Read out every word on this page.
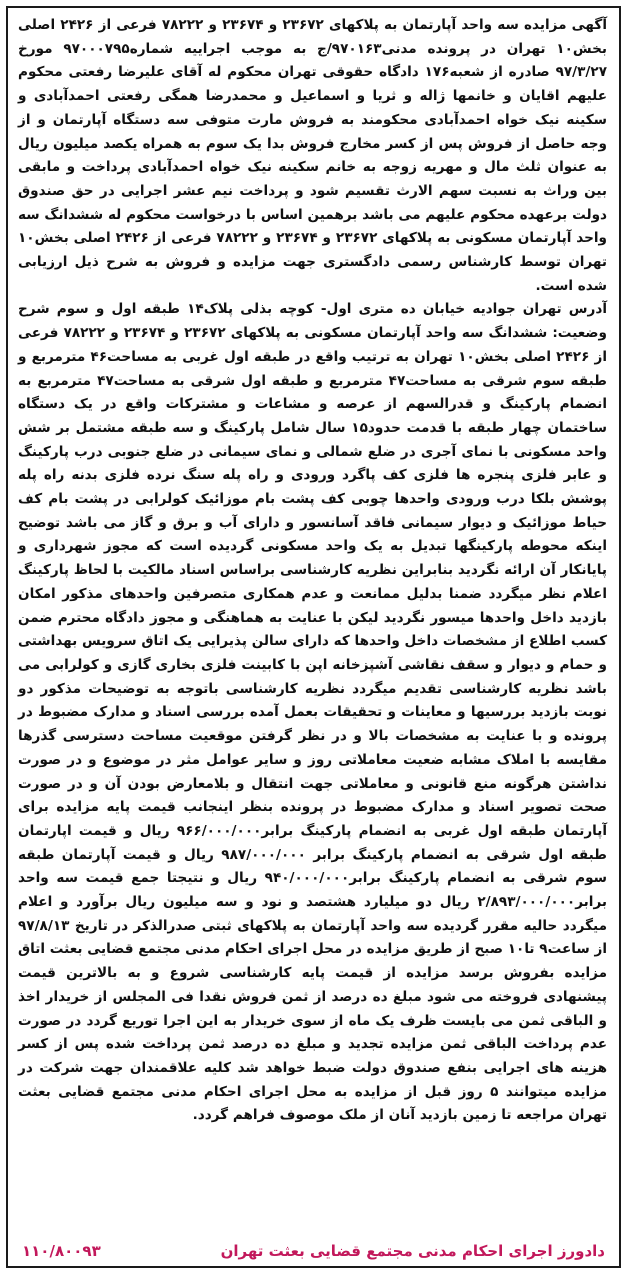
آگهی مزایده سه واحد آپارتمان به پلاکهای ۲۳۶۷۲ و ۲۳۶۷۴ و ۷۸۲۲۲ فرعی از ۲۴۲۶ اصلی بخش۱۰ تهران در پرونده مدنی۹۷۰۱۶۳/ج به موجب اجراییه شماره۹۷۰۰۰۷۹۵ مورخ ۹۷/۳/۲۷ صادره از شعبه۱۷۶ دادگاه حقوقی تهران محکوم له آقای علیرضا رفعتی محکوم علیهم اقایان و خانمها ژاله و ثریا و اسماعیل و محمدرضا همگی رفعتی احمدآبادی و سکینه نیک خواه احمدآبادی محکومند به فروش مارت متوفی سه دستگاه آپارتمان و از وجه حاصل از فروش پس از کسر مخارج فروش بدا یک سوم به همراه یکصد میلیون ریال به عنوان ثلث مال و مهریه زوجه به خانم سکینه نیک خواه احمدآبادی پرداخت و مابقی بین وراث به نسبت سهم الارث تقسیم شود و پرداخت نیم عشر اجرایی در حق صندوق دولت برعهده محکوم علیهم می باشد برهمین اساس با درخواست محکوم له ششدانگ سه واحد آپارتمان مسکونی به پلاکهای ۲۳۶۷۲ و ۲۳۶۷۴ و ۷۸۲۲۲ فرعی از ۲۴۲۶ اصلی بخش۱۰ تهران توسط کارشناس رسمی دادگستری جهت مزایده و فروش به شرح ذیل ارزیابی شده است.

آدرس تهران جوادیه خیابان ده متری اول- کوچه بذلی پلاک۱۴ طبقه اول و سوم شرح وضعیت: ششدانگ سه واحد آپارتمان مسکونی به پلاکهای ۲۳۶۷۲ و ۲۳۶۷۴ و ۷۸۲۲۲ فرعی از ۲۴۲۶ اصلی بخش۱۰ تهران به ترتیب واقع در طبقه اول غربی به مساحت۴۶ مترمربع و طبقه سوم شرقی به مساحت۴۷ مترمربع و طبقه اول شرقی به مساحت۴۷ مترمربع به انضمام پارکینگ و قدرالسهم از عرصه و مشاعات و مشترکات واقع در یک دستگاه ساختمان چهار طبقه با قدمت حدود۱۵ سال شامل پارکینگ و سه طبقه مشتمل بر شش واحد مسکونی با نمای آجری در ضلع شمالی و نمای سیمانی در ضلع جنوبی درب پارکینگ و عابر فلزی پنجره ها فلزی کف پاگرد ورودی و راه پله سنگ نرده فلزی بدنه راه پله پوشش بلکا درب ورودی واحدها چوبی کف پشت بام موزائیک کولرابی در پشت بام کف حیاط موزائیک و دیوار سیمانی فاقد آسانسور و دارای آب و برق و گاز می باشد توضیح اینکه محوطه پارکینگها تبدیل به یک واحد مسکونی گردیده است که مجوز شهرداری و پایانکار آن ارائه نگردید بنابراین نظریه کارشناسی براساس اسناد مالکیت با لحاظ پارکینگ اعلام نظر میگردد ضمنا بدلیل ممانعت و عدم همکاری متصرفین واحدهای مذکور امکان بازدید داخل واحدها میسور نگردید لیکن با عنایت به هماهنگی و مجوز دادگاه محترم ضمن کسب اطلاع از مشخصات داخل واحدها که دارای سالن پذیرایی یک اتاق سرویس بهداشتی و حمام و دیوار و سقف نقاشی آشپزخانه اپن با کابینت فلزی بخاری گازی و کولرابی می باشد نظریه کارشناسی تقدیم میگردد نظریه کارشناسی باتوجه به توضیحات مذکور دو نوبت بازدید بررسیها و معاینات و تحقیقات بعمل آمده بررسی اسناد و مدارک مضبوط در پرونده و با عنایت به مشخصات بالا و در نظر گرفتن موقعیت مساحت دسترسی گذرها مقایسه با املاک مشابه ضعیت معاملاتی روز و سایر عوامل مثر در موضوع و در صورت نداشتن هرگونه منع قانونی و معاملاتی جهت انتقال و بلامعارض بودن آن و در صورت صحت تصویر اسناد و مدارک مضبوط در پرونده بنظر اینجانب قیمت پایه مزایده برای آپارتمان طبقه اول غربی به انضمام پارکینگ برابر۹۶۶/۰۰۰/۰۰۰ ریال و قیمت اپارتمان طبقه اول شرقی به انضمام پارکینگ برابر ۹۸۷/۰۰۰/۰۰۰ ریال و قیمت آپارتمان طبقه سوم شرقی به انضمام پارکینگ برابر۹۴۰/۰۰۰/۰۰۰ ریال و نتیجتا جمع قیمت سه واحد برابر۲/۸۹۳/۰۰۰/۰۰۰ ریال دو میلیارد هشتصد و نود و سه میلیون ریال برآورد و اعلام میگردد حالیه مقرر گردیده سه واحد آپارتمان به پلاکهای ثبتی صدرالذکر در تاریخ ۹۷/۸/۱۳ از ساعت۹ تا۱۰ صبح از طریق مزایده در محل اجرای احکام مدنی مجتمع قضایی بعثت اتاق مزایده بفروش برسد مزایده از قیمت پایه کارشناسی شروع و به بالاترین قیمت پیشنهادی فروخته می شود مبلغ ده درصد از ثمن فروش نقدا فی المجلس از خریدار اخذ و الباقی ثمن می بایست ظرف یک ماه از سوی خریدار به این اجرا توریع گردد در صورت عدم پرداخت الباقی ثمن مزایده تجدید و مبلغ ده درصد ثمن پرداخت شده پس از کسر هزینه های اجرایی بنفع صندوق دولت ضبط خواهد شد کلیه علاقمندان جهت شرکت در مزایده میتوانند ۵ روز قبل از مزایده به محل اجرای احکام مدنی مجتمع قضایی بعثت تهران مراجعه تا زمین بازدید آنان از ملک موصوف فراهم گردد.

دادورز اجرای احکام مدنی مجتمع قضایی بعثت تهران
۱۱۰/۸۰۰۹۳
